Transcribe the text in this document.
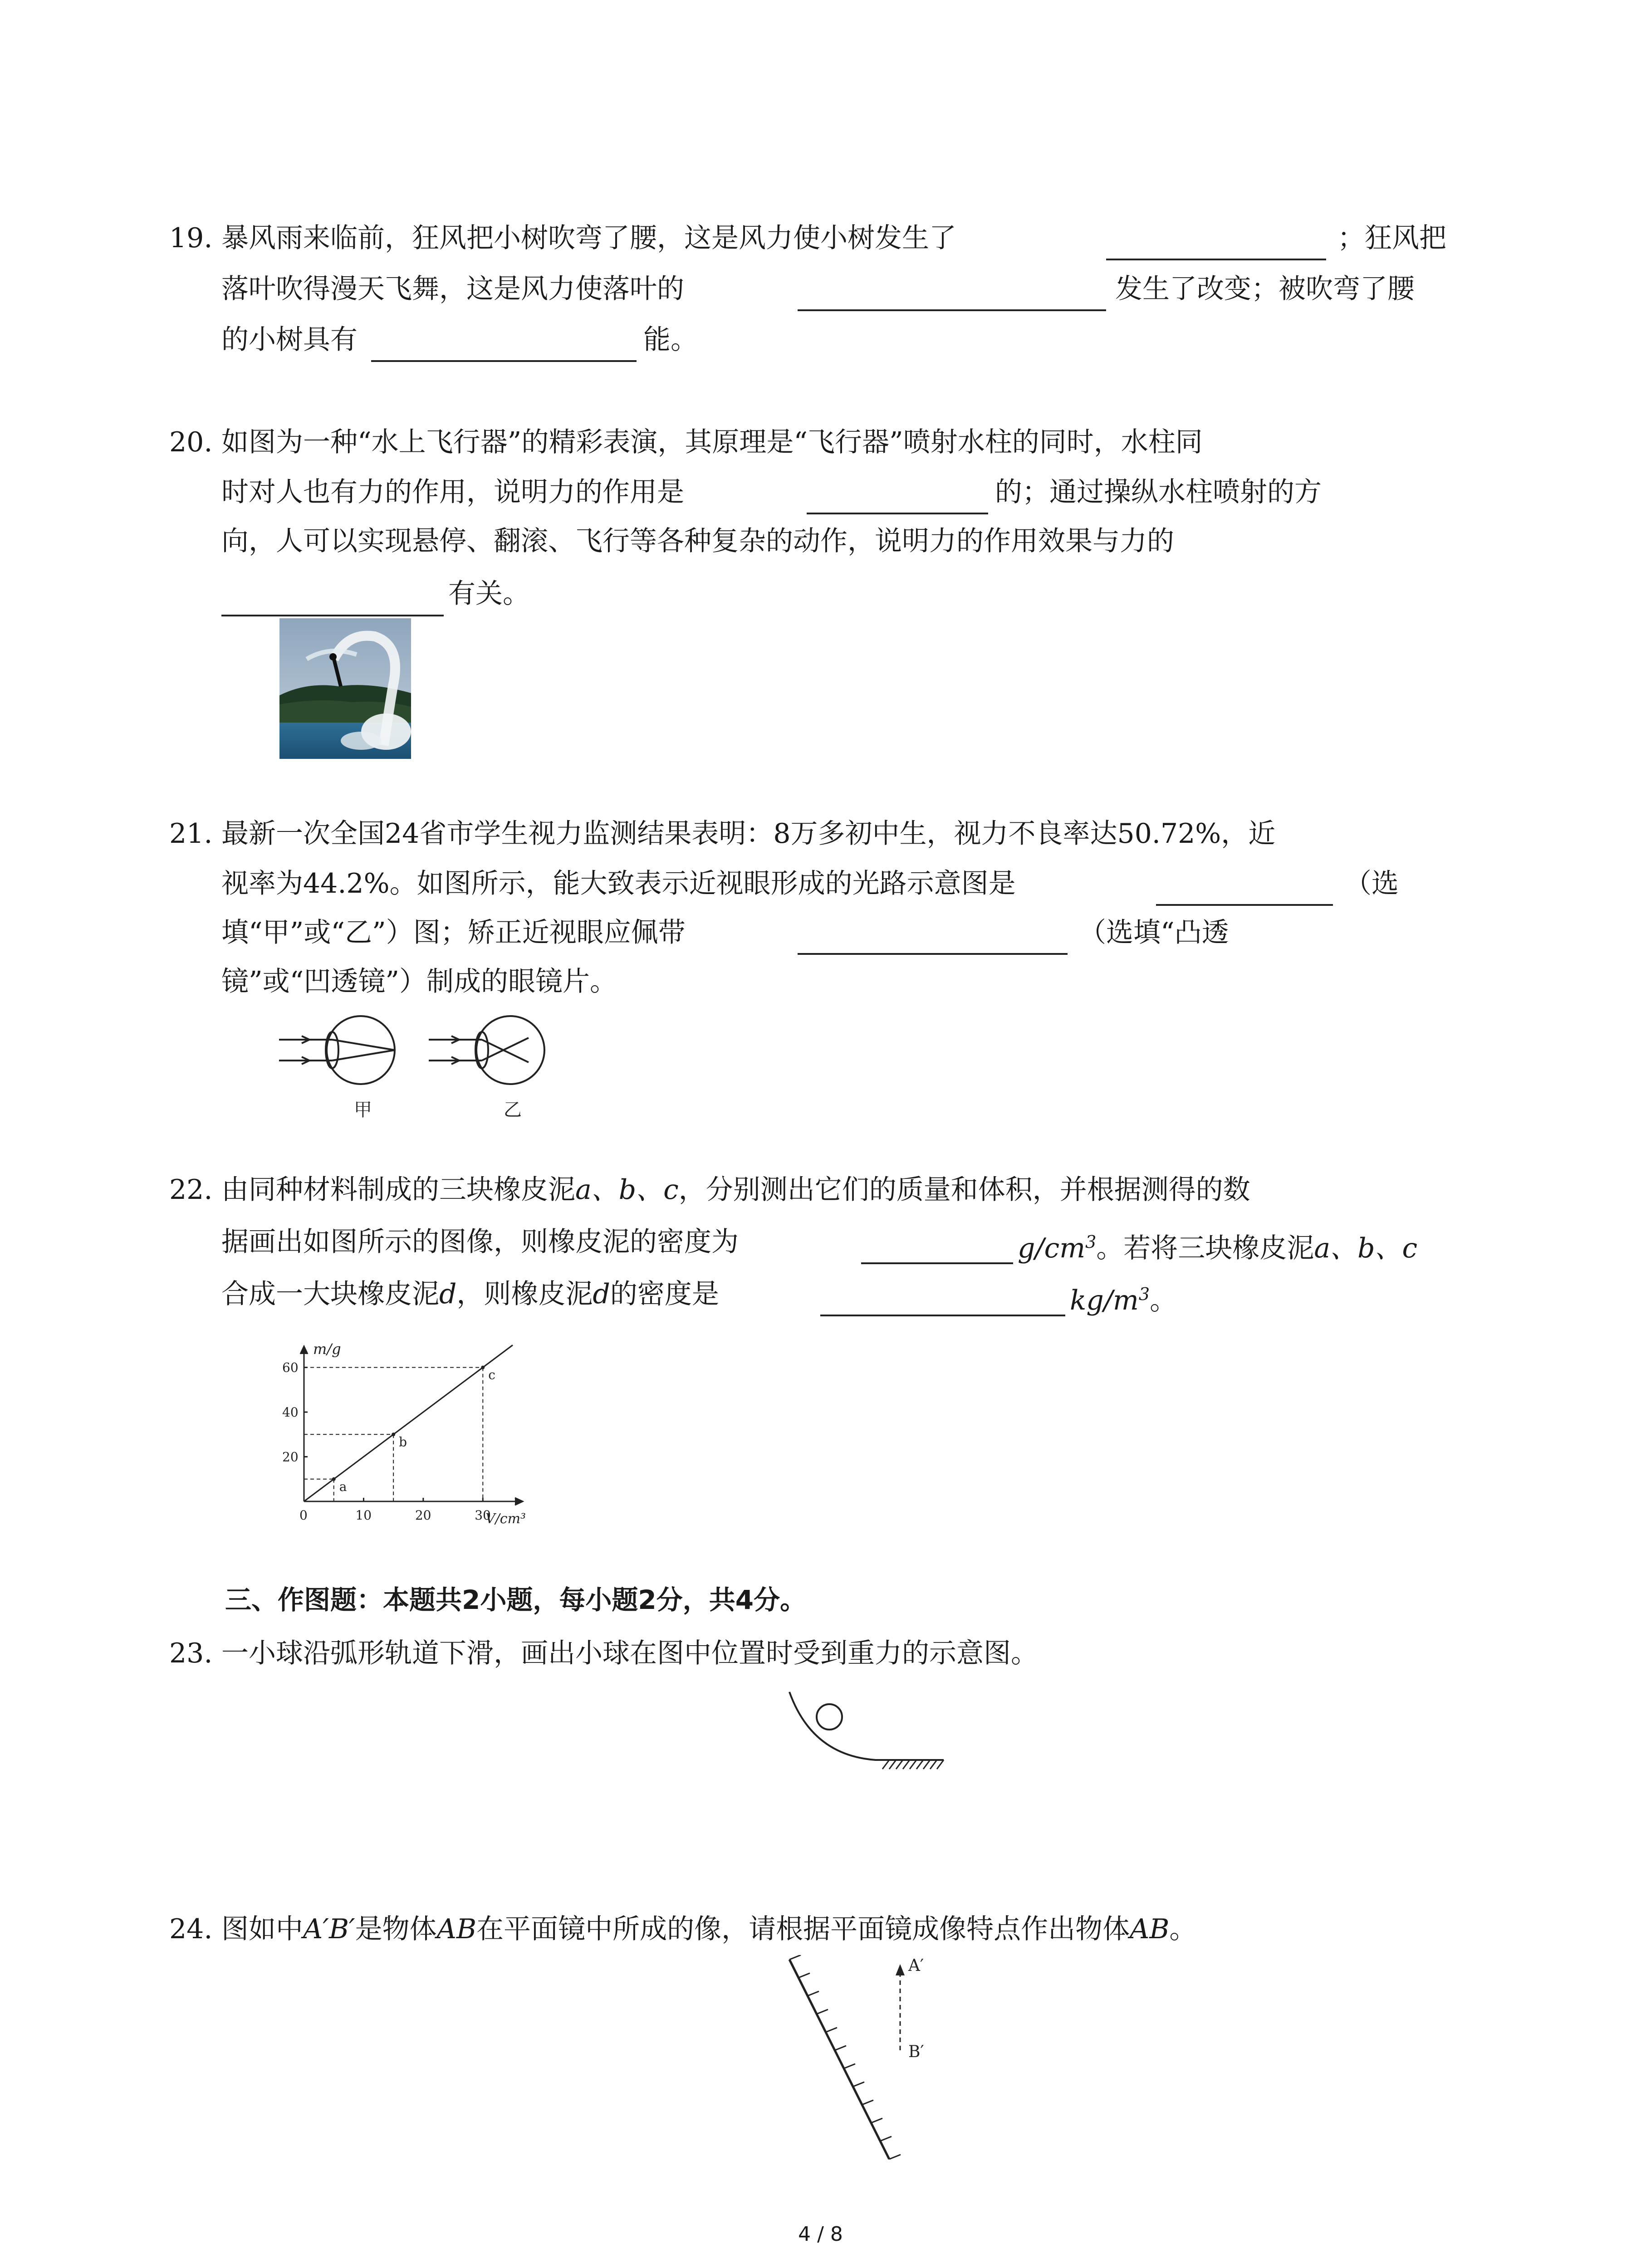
19. 暴风雨来临前，狂风把小树吹弯了腰，这是风力使小树发生了	；狂风把
落叶吹得漫天飞舞，这是风力使落叶的	发生了改变；被吹弯了腰
的小树具有	能。
20. 如图为一种“水上飞行器”的精彩表演，其原理是“飞行器”喷射水柱的同时，水柱同
时对人也有力的作用，说明力的作用是	的；通过操纵水柱喷射的方
向，人可以实现悬停、翻滚、飞行等各种复杂的动作，说明力的作用效果与力的
有关。
21. 最新一次全国24省市学生视力监测结果表明：8万多初中生，视力不良率达50.72%，近
视率为44.2%。如图所示，能大致表示近视眼形成的光路示意图是	（选
填“甲”或“乙”）图；矫正近视眼应佩带	（选填“凸透
镜”或“凹透镜”）制成的眼镜片。
甲	乙
22. 由同种材料制成的三块橡皮泥a、b、c，分别测出它们的质量和体积，并根据测得的数
据画出如图所示的图像，则橡皮泥的密度为	$g/cm^3$。若将三块橡皮泥a、b、c
合成一大块橡皮泥d，则橡皮泥d的密度是	$kg/m^3$。
m/g
V/cm³
0	10	20	30
20
40
60
a
b
c
三、作图题：本题共2小题，每小题2分，共4分。
23. 一小球沿弧形轨道下滑，画出小球在图中位置时受到重力的示意图。
24. 图如中A′B′是物体AB在平面镜中所成的像，请根据平面镜成像特点作出物体AB。
A′
B′
4 / 8
